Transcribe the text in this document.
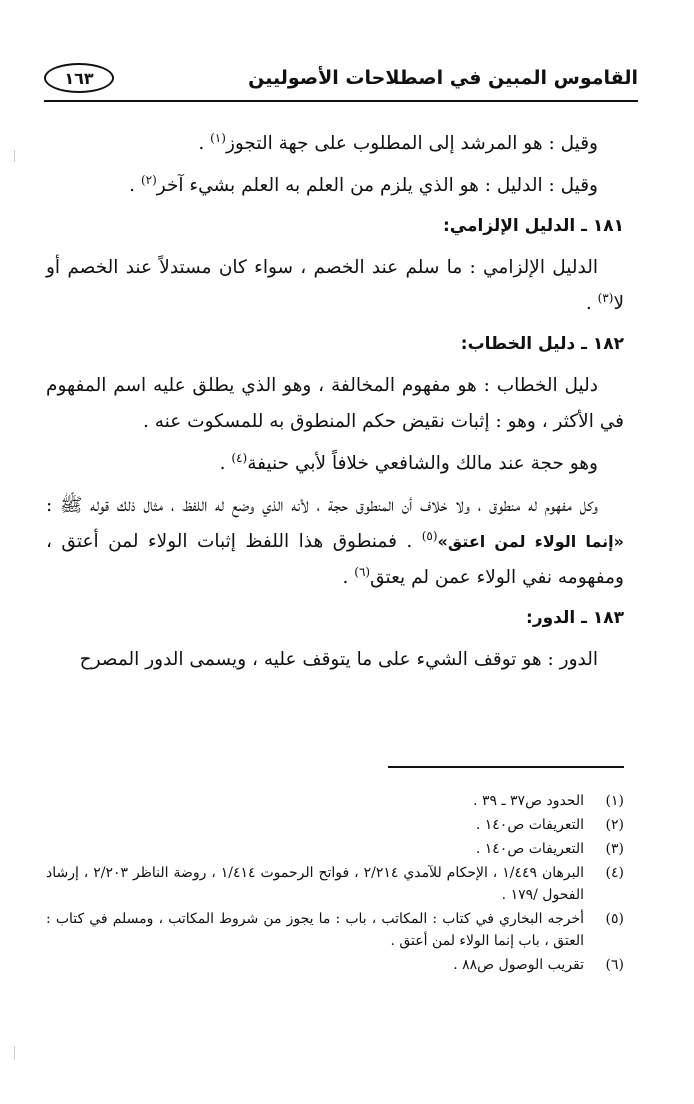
القاموس المبين في اصطلاحات الأصوليين
١٦٣

وقيل : هو المرشد إلى المطلوب على جهة التجوز$^{(١)}$ .

وقيل : الدليل : هو الذي يلزم من العلم به العلم بشيء آخر$^{(٢)}$ .

١٨١ ـ الدليل الإلزامي:

الدليل الإلزامي : ما سلم عند الخصم ، سواء كان مستدلاً عند الخصم أو لا$^{(٣)}$ .

١٨٢ ـ دليل الخطاب:

دليل الخطاب : هو مفهوم المخالفة ، وهو الذي يطلق عليه اسم المفهوم في الأكثر ، وهو : إثبات نقيض حكم المنطوق به للمسكوت عنه .

وهو حجة عند مالك والشافعي خلافاً لأبي حنيفة$^{(٤)}$ .

وكل مفهوم له منطوق ، ولا خلاف أن المنطوق حجة ، لأنه الذي وضع له اللفظ ، مثال ذلك قوله ﷺ : «إنما الولاء لمن اعتق»$^{(٥)}$ . فمنطوق هذا اللفظ إثبات الولاء لمن أعتق ، ومفهومه نفي الولاء عمن لم يعتق$^{(٦)}$ .

١٨٣ ـ الدور:

الدور : هو توقف الشيء على ما يتوقف عليه ، ويسمى الدور المصرح

(١)
الحدود ص٣٧ ـ ٣٩ .
(٢)
التعريفات ص١٤٠ .
(٣)
التعريفات ص١٤٠ .
(٤)
البرهان ١/٤٤٩ ، الإحكام للآمدي ٢/٢١٤ ، فواتح الرحموت ١/٤١٤ ، روضة الناظر ٢/٢٠٣ ، إرشاد الفحول /١٧٩ .
(٥)
أخرجه البخاري في كتاب : المكاتب ، باب : ما يجوز من شروط المكاتب ، ومسلم في كتاب : العتق ، باب إنما الولاء لمن أعتق .
(٦)
تقريب الوصول ص٨٨ .
